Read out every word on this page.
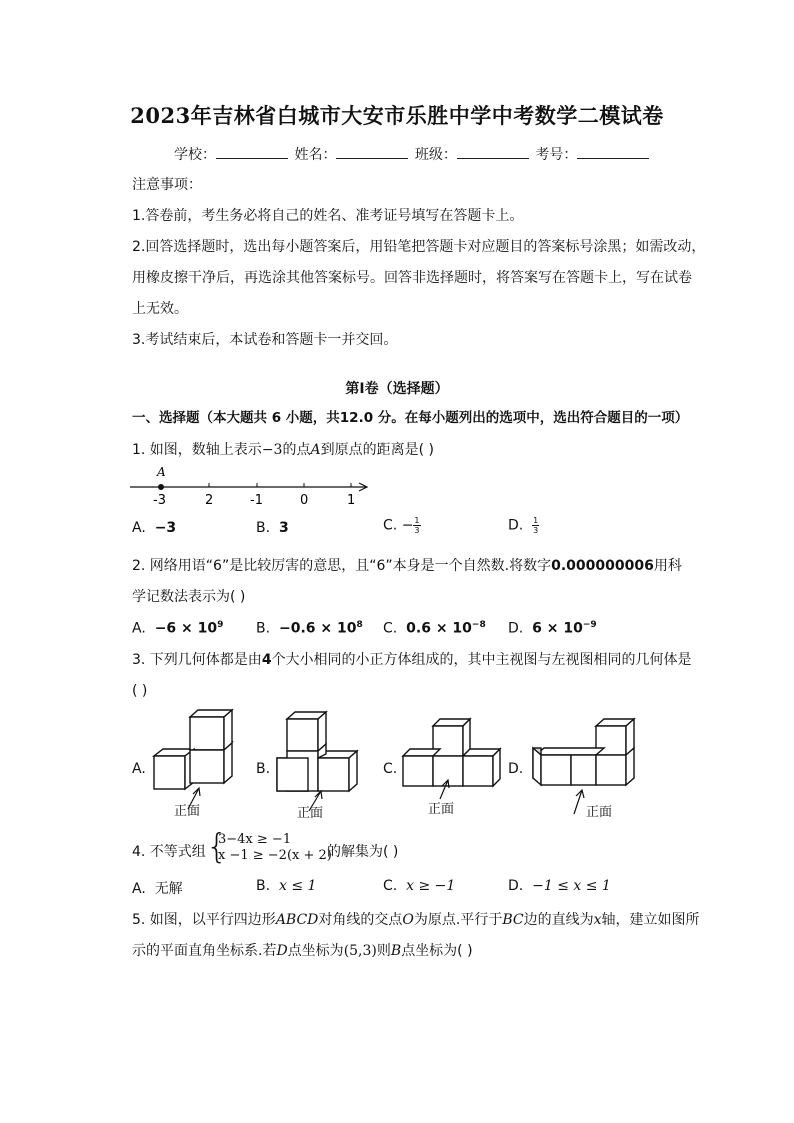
2023年吉林省白城市大安市乐胜中学中考数学二模试卷
学校：	姓名：	班级：	考号：
注意事项：
1.答卷前，考生务必将自己的姓名、准考证号填写在答题卡上。
2.回答选择题时，选出每小题答案后，用铅笔把答题卡对应题目的答案标号涂黑；如需改动，
用橡皮擦干净后，再选涂其他答案标号。回答非选择题时，将答案写在答题卡上，写在试卷
上无效。
3.考试结束后，本试卷和答题卡一并交回。
第Ⅰ卷（选择题）
一、选择题（本大题共 6 小题，共12.0 分。在每小题列出的选项中，选出符合题目的一项）
1. 如图，数轴上表示−3的点A到原点的距离是( )
A
-3	2	-1	0	1
A. −3	B. 3	C. − $\frac{1}{3}$	D. $\frac{1}{3}$
2. 网络用语“6”是比较厉害的意思，且“6”本身是一个自然数.将数字0.000000006用科
学记数法表示为( )
A. $-6 \times 10^9$ B. $-0.6 \times 10^8$ C. $0.6 \times 10^{-8}$ D. $6 \times 10^{-9}$
3. 下列几何体都是由4个大小相同的小正方体组成的，其中主视图与左视图相同的几何体是
( )
A.	B.	C.	D.
正面	正面	正面	正面
4. 不等式组 {
3−4x ≥ −1
x −1 ≥ −2(x + 2)
的解集为( )
A. 无解	B. x ≤ 1	C. x ≥ −1	D. −1 ≤ x ≤ 1
5. 如图，以平行四边形ABCD对角线的交点O为原点.平行于BC边的直线为x轴，建立如图所
示的平面直角坐标系.若D点坐标为(5,3)则B点坐标为( )
